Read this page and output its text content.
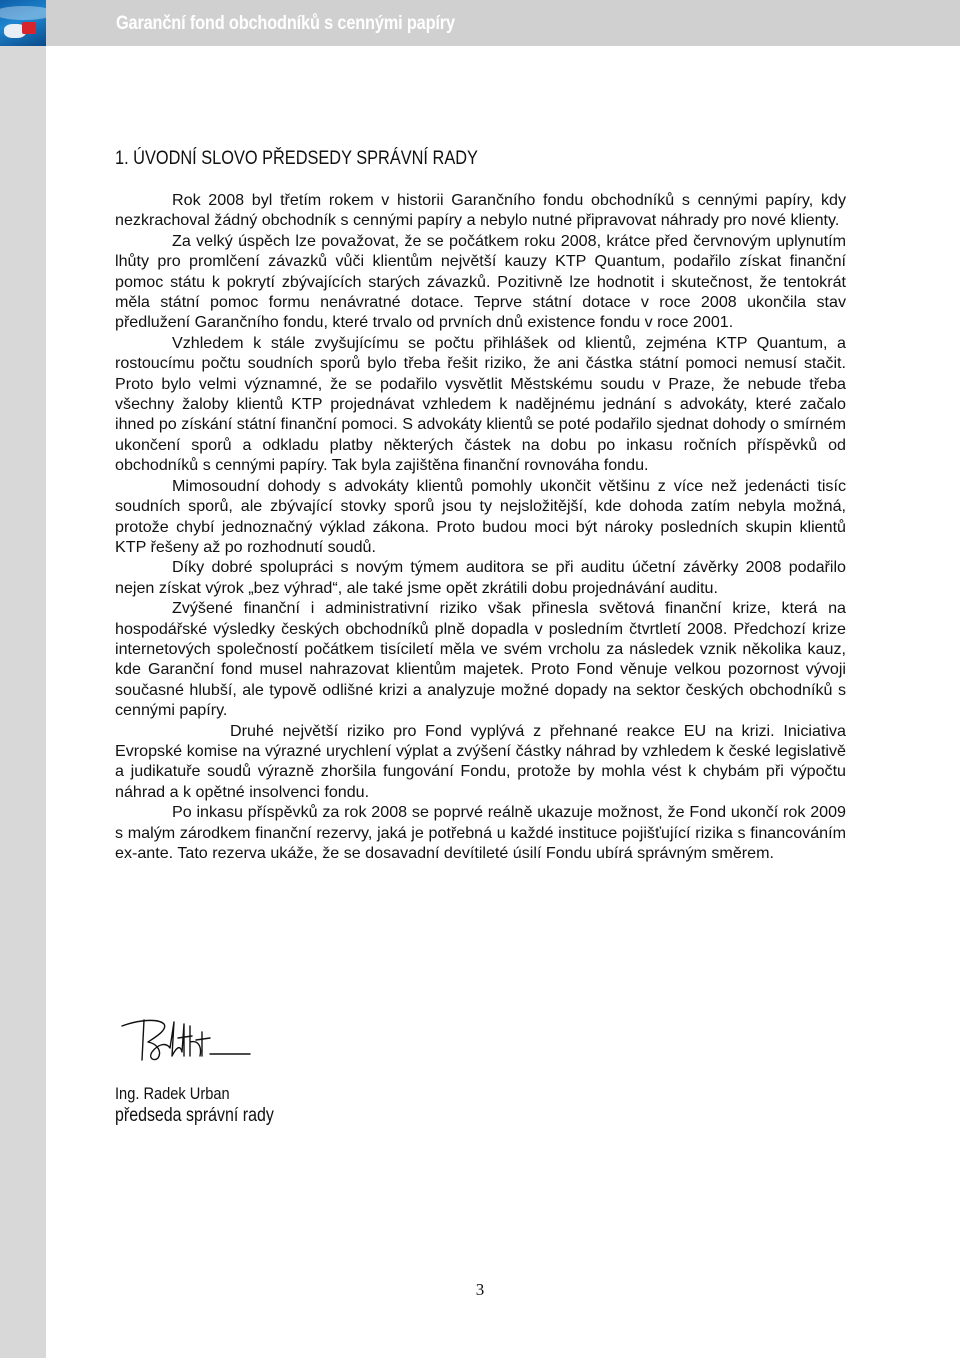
Garanční fond obchodníků s cennými papíry
1. ÚVODNÍ SLOVO PŘEDSEDY SPRÁVNÍ RADY

Rok 2008 byl třetím rokem v historii Garančního fondu obchodníků s cennými papíry, kdy nezkrachoval žádný obchodník s cennými papíry a nebylo nutné připravovat náhrady pro nové klienty.

Za velký úspěch lze považovat, že se počátkem roku 2008, krátce před červnovým uplynutím lhůty pro promlčení závazků vůči klientům největší kauzy KTP Quantum, podařilo získat finanční pomoc státu k pokrytí zbývajících starých závazků. Pozitivně lze hodnotit i skutečnost, že tentokrát měla státní pomoc formu nenávratné dotace. Teprve státní dotace v roce 2008 ukončila stav předlužení Garančního fondu, které trvalo od prvních dnů existence fondu v roce 2001.

Vzhledem k stále zvyšujícímu se počtu přihlášek od klientů, zejména KTP Quantum, a rostoucímu počtu soudních sporů bylo třeba řešit riziko, že ani částka státní pomoci nemusí stačit. Proto bylo velmi významné, že se podařilo vysvětlit Městskému soudu v Praze, že nebude třeba všechny žaloby klientů KTP projednávat vzhledem k nadějnému jednání s advokáty, které začalo ihned po získání státní finanční pomoci. S advokáty klientů se poté podařilo sjednat dohody o smírném ukončení sporů a odkladu platby některých částek na dobu po inkasu ročních příspěvků od obchodníků s cennými papíry. Tak byla zajištěna finanční rovnováha fondu.

Mimosoudní dohody s advokáty klientů pomohly ukončit většinu z více než jedenácti tisíc soudních sporů, ale zbývající stovky sporů jsou ty nejsložitější, kde dohoda zatím nebyla možná, protože chybí jednoznačný výklad zákona. Proto budou moci být nároky posledních skupin klientů KTP řešeny až po rozhodnutí soudů.

Díky dobré spolupráci s novým týmem auditora se při auditu účetní závěrky 2008 podařilo nejen získat výrok „bez výhrad“, ale také jsme opět zkrátili dobu projednávání auditu.

Zvýšené finanční i administrativní riziko však přinesla světová finanční krize, která na hospodářské výsledky českých obchodníků plně dopadla v posledním čtvrtletí 2008. Předchozí krize internetových společností počátkem tisíciletí měla ve svém vrcholu za následek vznik několika kauz, kde Garanční fond musel nahrazovat klientům majetek. Proto Fond věnuje velkou pozornost vývoji současné hlubší, ale typově odlišné krizi a analyzuje možné dopady na sektor českých obchodníků s cennými papíry.

Druhé největší riziko pro Fond vyplývá z přehnané reakce EU na krizi. Iniciativa Evropské komise na výrazné urychlení výplat a zvýšení částky náhrad by vzhledem k české legislativě a judikatuře soudů výrazně zhoršila fungování Fondu, protože by mohla vést k chybám při výpočtu náhrad a k opětné insolvenci fondu.

Po inkasu příspěvků za rok 2008 se poprvé reálně ukazuje možnost, že Fond ukončí rok 2009 s malým zárodkem finanční rezervy, jaká je potřebná u každé instituce pojišťující rizika s financováním ex-ante. Tato rezerva ukáže, že se dosavadní devítileté úsilí Fondu ubírá správným směrem.

Ing. Radek Urban
předseda správní rady
3
